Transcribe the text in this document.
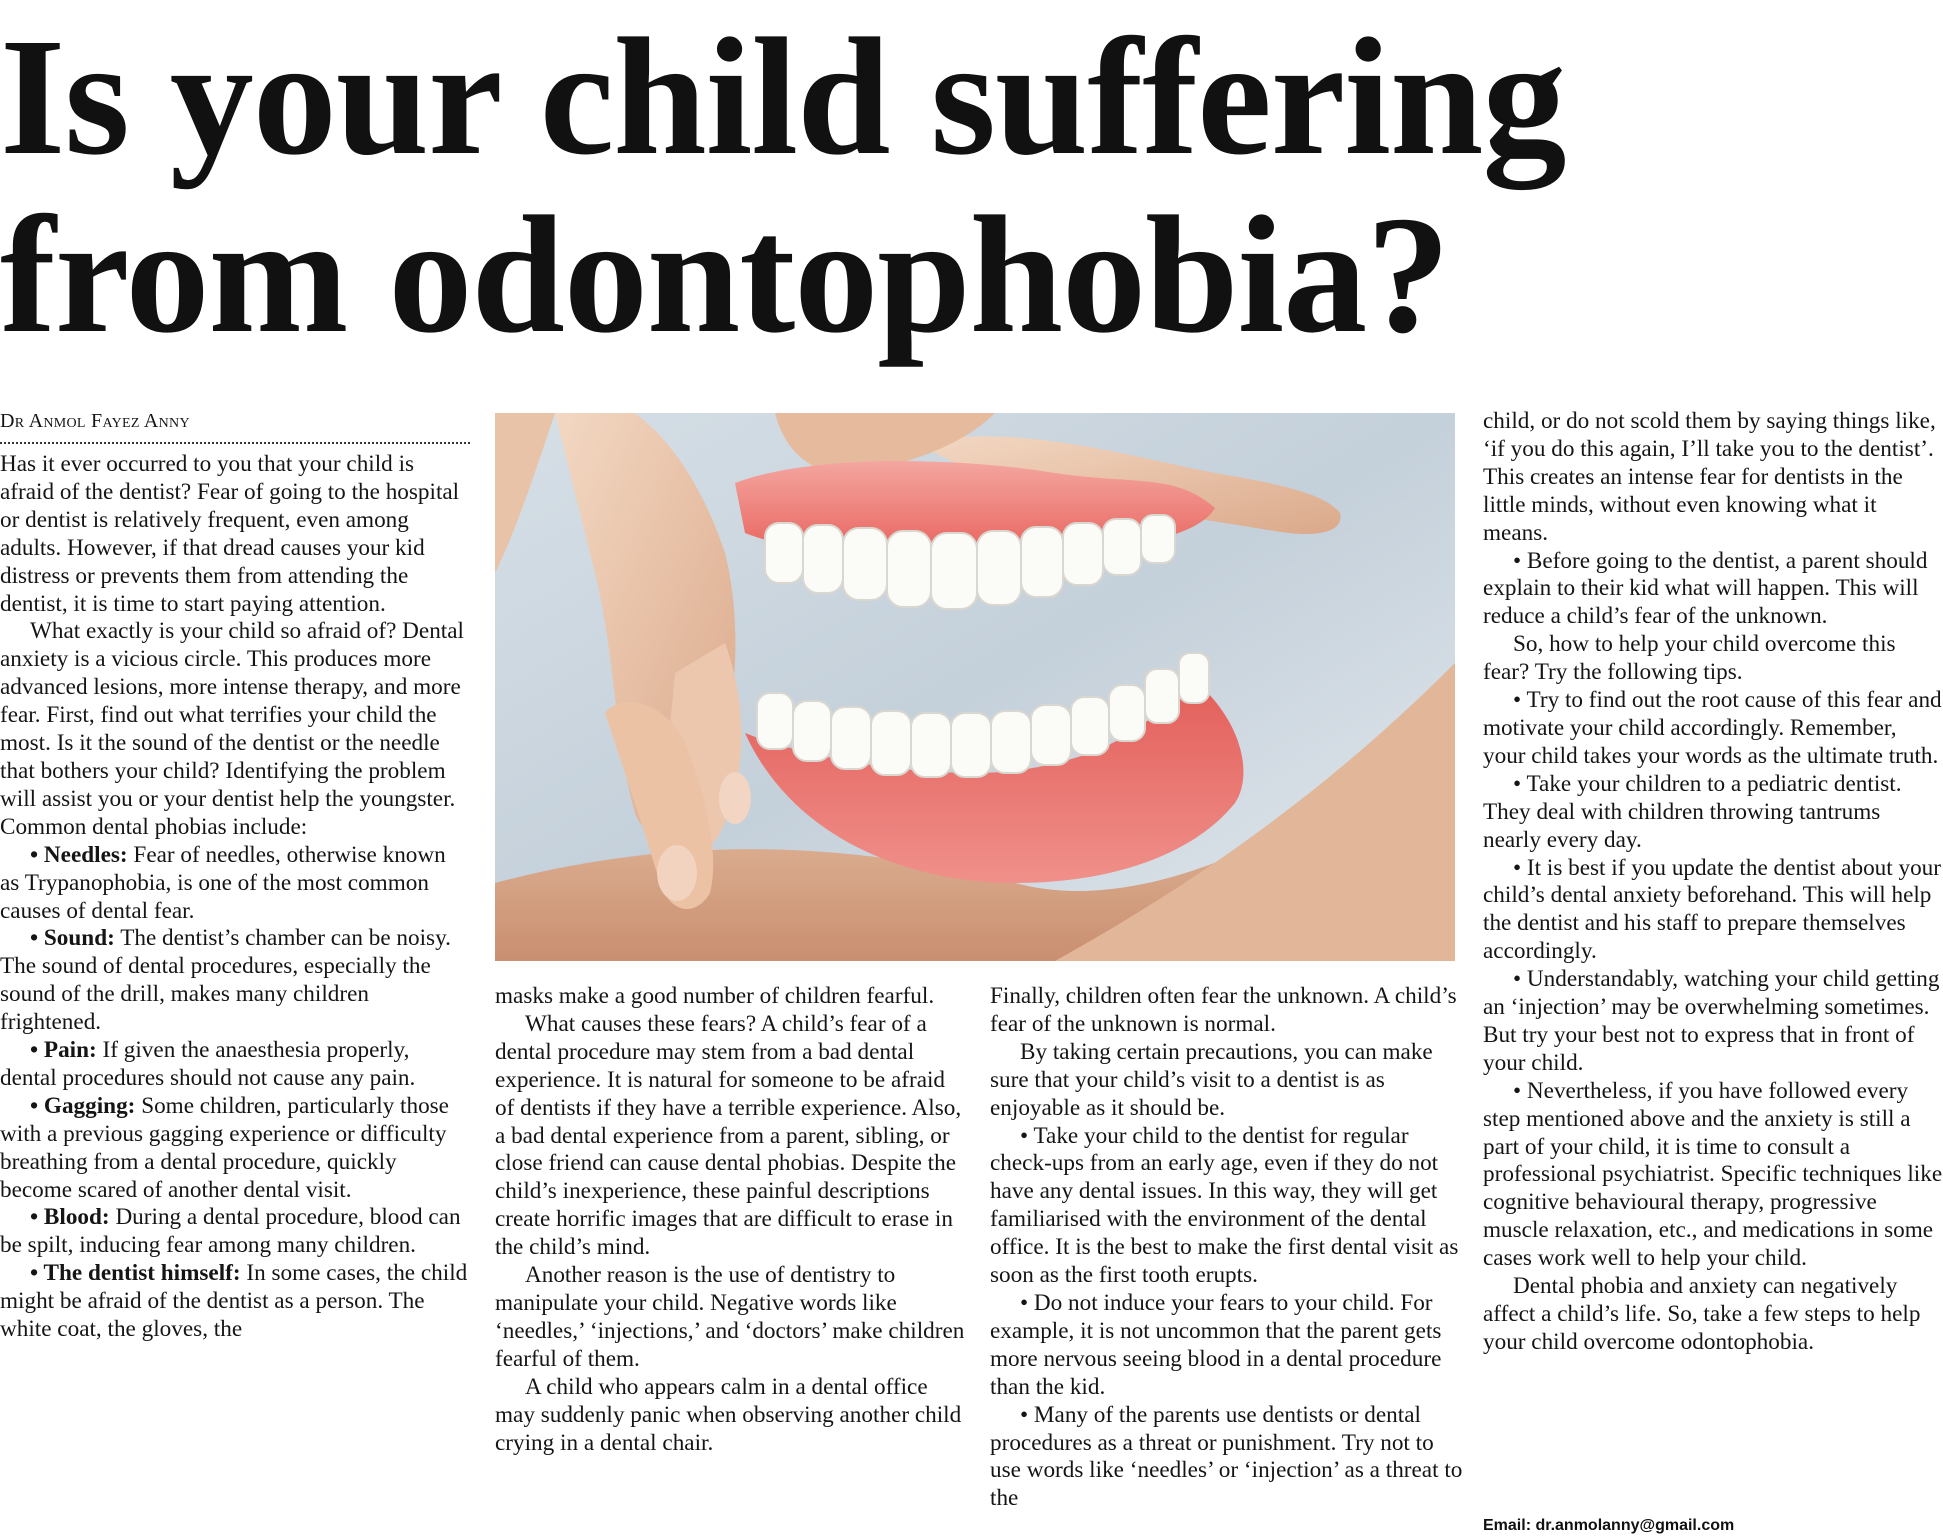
Is your child suffering from odontophobia?
Dr Anmol Fayez Anny

Has it ever occurred to you that your child is afraid of the dentist? Fear of going to the hospital or dentist is relatively frequent, even among adults. However, if that dread causes your kid distress or prevents them from attending the dentist, it is time to start paying attention.

What exactly is your child so afraid of? Dental anxiety is a vicious circle. This produces more advanced lesions, more intense therapy, and more fear. First, find out what terrifies your child the most. Is it the sound of the dentist or the needle that bothers your child? Identifying the problem will assist you or your dentist help the youngster. Common dental phobias include:

• Needles: Fear of needles, otherwise known as Trypanophobia, is one of the most common causes of dental fear.

• Sound: The dentist’s chamber can be noisy. The sound of dental procedures, especially the sound of the drill, makes many children frightened.

• Pain: If given the anaesthesia properly, dental procedures should not cause any pain.

• Gagging: Some children, particularly those with a previous gagging experience or difficulty breathing from a dental procedure, quickly become scared of another dental visit.

• Blood: During a dental procedure, blood can be spilt, inducing fear among many children.

• The dentist himself: In some cases, the child might be afraid of the dentist as a person. The white coat, the gloves, the

masks make a good number of children fearful.

What causes these fears? A child’s fear of a dental procedure may stem from a bad dental experience. It is natural for someone to be afraid of dentists if they have a terrible experience. Also, a bad dental experience from a parent, sibling, or close friend can cause dental phobias. Despite the child’s inexperience, these painful descriptions create horrific images that are difficult to erase in the child’s mind.

Another reason is the use of dentistry to manipulate your child. Negative words like ‘needles,’ ‘injections,’ and ‘doctors’ make children fearful of them.

A child who appears calm in a dental office may suddenly panic when observing another child crying in a dental chair.

Finally, children often fear the unknown. A child’s fear of the unknown is normal.

By taking certain precautions, you can make sure that your child’s visit to a dentist is as enjoyable as it should be.

• Take your child to the dentist for regular check-ups from an early age, even if they do not have any dental issues. In this way, they will get familiarised with the environment of the dental office. It is the best to make the first dental visit as soon as the first tooth erupts.

• Do not induce your fears to your child. For example, it is not uncommon that the parent gets more nervous seeing blood in a dental procedure than the kid.

• Many of the parents use dentists or dental procedures as a threat or punishment. Try not to use words like ‘needles’ or ‘injection’ as a threat to the

child, or do not scold them by saying things like, ‘if you do this again, I’ll take you to the dentist’. This creates an intense fear for dentists in the little minds, without even knowing what it means.

• Before going to the dentist, a parent should explain to their kid what will happen. This will reduce a child’s fear of the unknown.

So, how to help your child overcome this fear? Try the following tips.

• Try to find out the root cause of this fear and motivate your child accordingly. Remember, your child takes your words as the ultimate truth.

• Take your children to a pediatric dentist. They deal with children throwing tantrums nearly every day.

• It is best if you update the dentist about your child’s dental anxiety beforehand. This will help the dentist and his staff to prepare themselves accordingly.

• Understandably, watching your child getting an ‘injection’ may be overwhelming sometimes. But try your best not to express that in front of your child.

• Nevertheless, if you have followed every step mentioned above and the anxiety is still a part of your child, it is time to consult a professional psychiatrist. Specific techniques like cognitive behavioural therapy, progressive muscle relaxation, etc., and medications in some cases work well to help your child.

Dental phobia and anxiety can negatively affect a child’s life. So, take a few steps to help your child overcome odontophobia.

Email: dr.anmolanny@gmail.com
